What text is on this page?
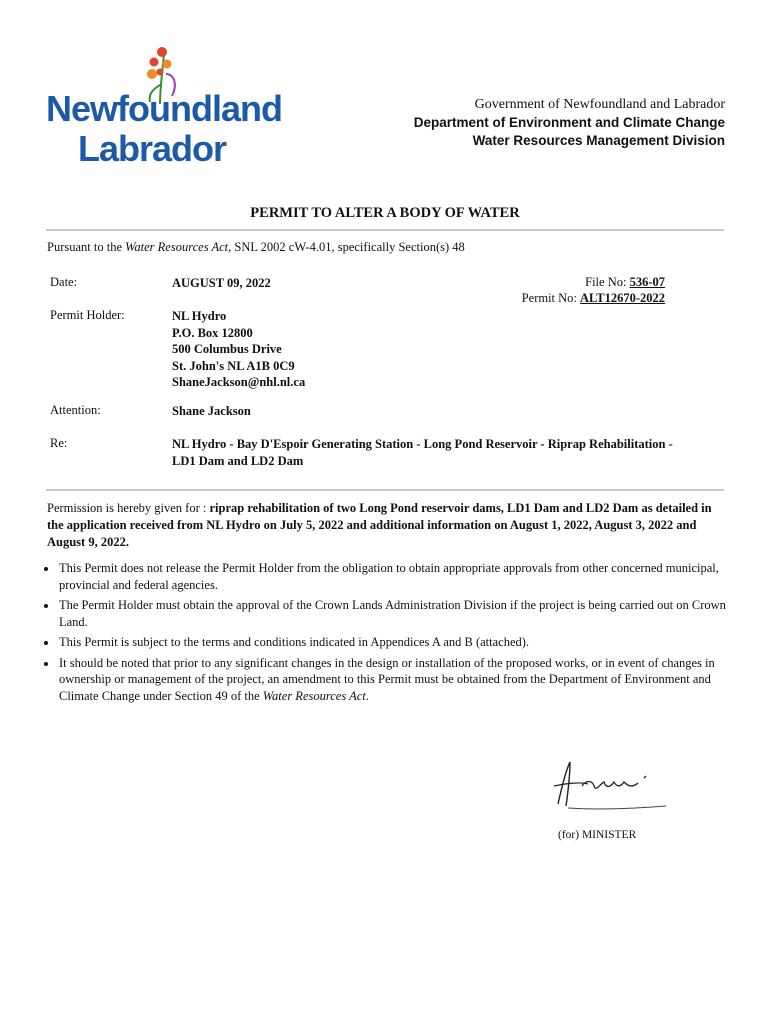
Newfoundland
Labrador
Government of Newfoundland and Labrador
Department of Environment and Climate Change
Water Resources Management Division
PERMIT TO ALTER A BODY OF WATER
Pursuant to the Water Resources Act, SNL 2002 cW-4.01, specifically Section(s) 48
Date:	AUGUST 09, 2022	File No: 536-07
Permit No: ALT12670-2022
Permit Holder:	NL Hydro
P.O. Box 12800
500 Columbus Drive
St. John's NL A1B 0C9
ShaneJackson@nhl.nl.ca
Attention:	Shane Jackson
Re:	NL Hydro - Bay D'Espoir Generating Station - Long Pond Reservoir - Riprap Rehabilitation -
LD1 Dam and LD2 Dam
Permission is hereby given for : riprap rehabilitation of two Long Pond reservoir dams, LD1 Dam and LD2 Dam as detailed in the application received from NL Hydro on July 5, 2022 and additional information on August 1, 2022, August 3, 2022 and August 9, 2022.
• This Permit does not release the Permit Holder from the obligation to obtain appropriate approvals from other concerned municipal, provincial and federal agencies.
• The Permit Holder must obtain the approval of the Crown Lands Administration Division if the project is being carried out on Crown Land.
• This Permit is subject to the terms and conditions indicated in Appendices A and B (attached).
• It should be noted that prior to any significant changes in the design or installation of the proposed works, or in event of changes in ownership or management of the project, an amendment to this Permit must be obtained from the Department of Environment and Climate Change under Section 49 of the Water Resources Act.
(for) MINISTER
